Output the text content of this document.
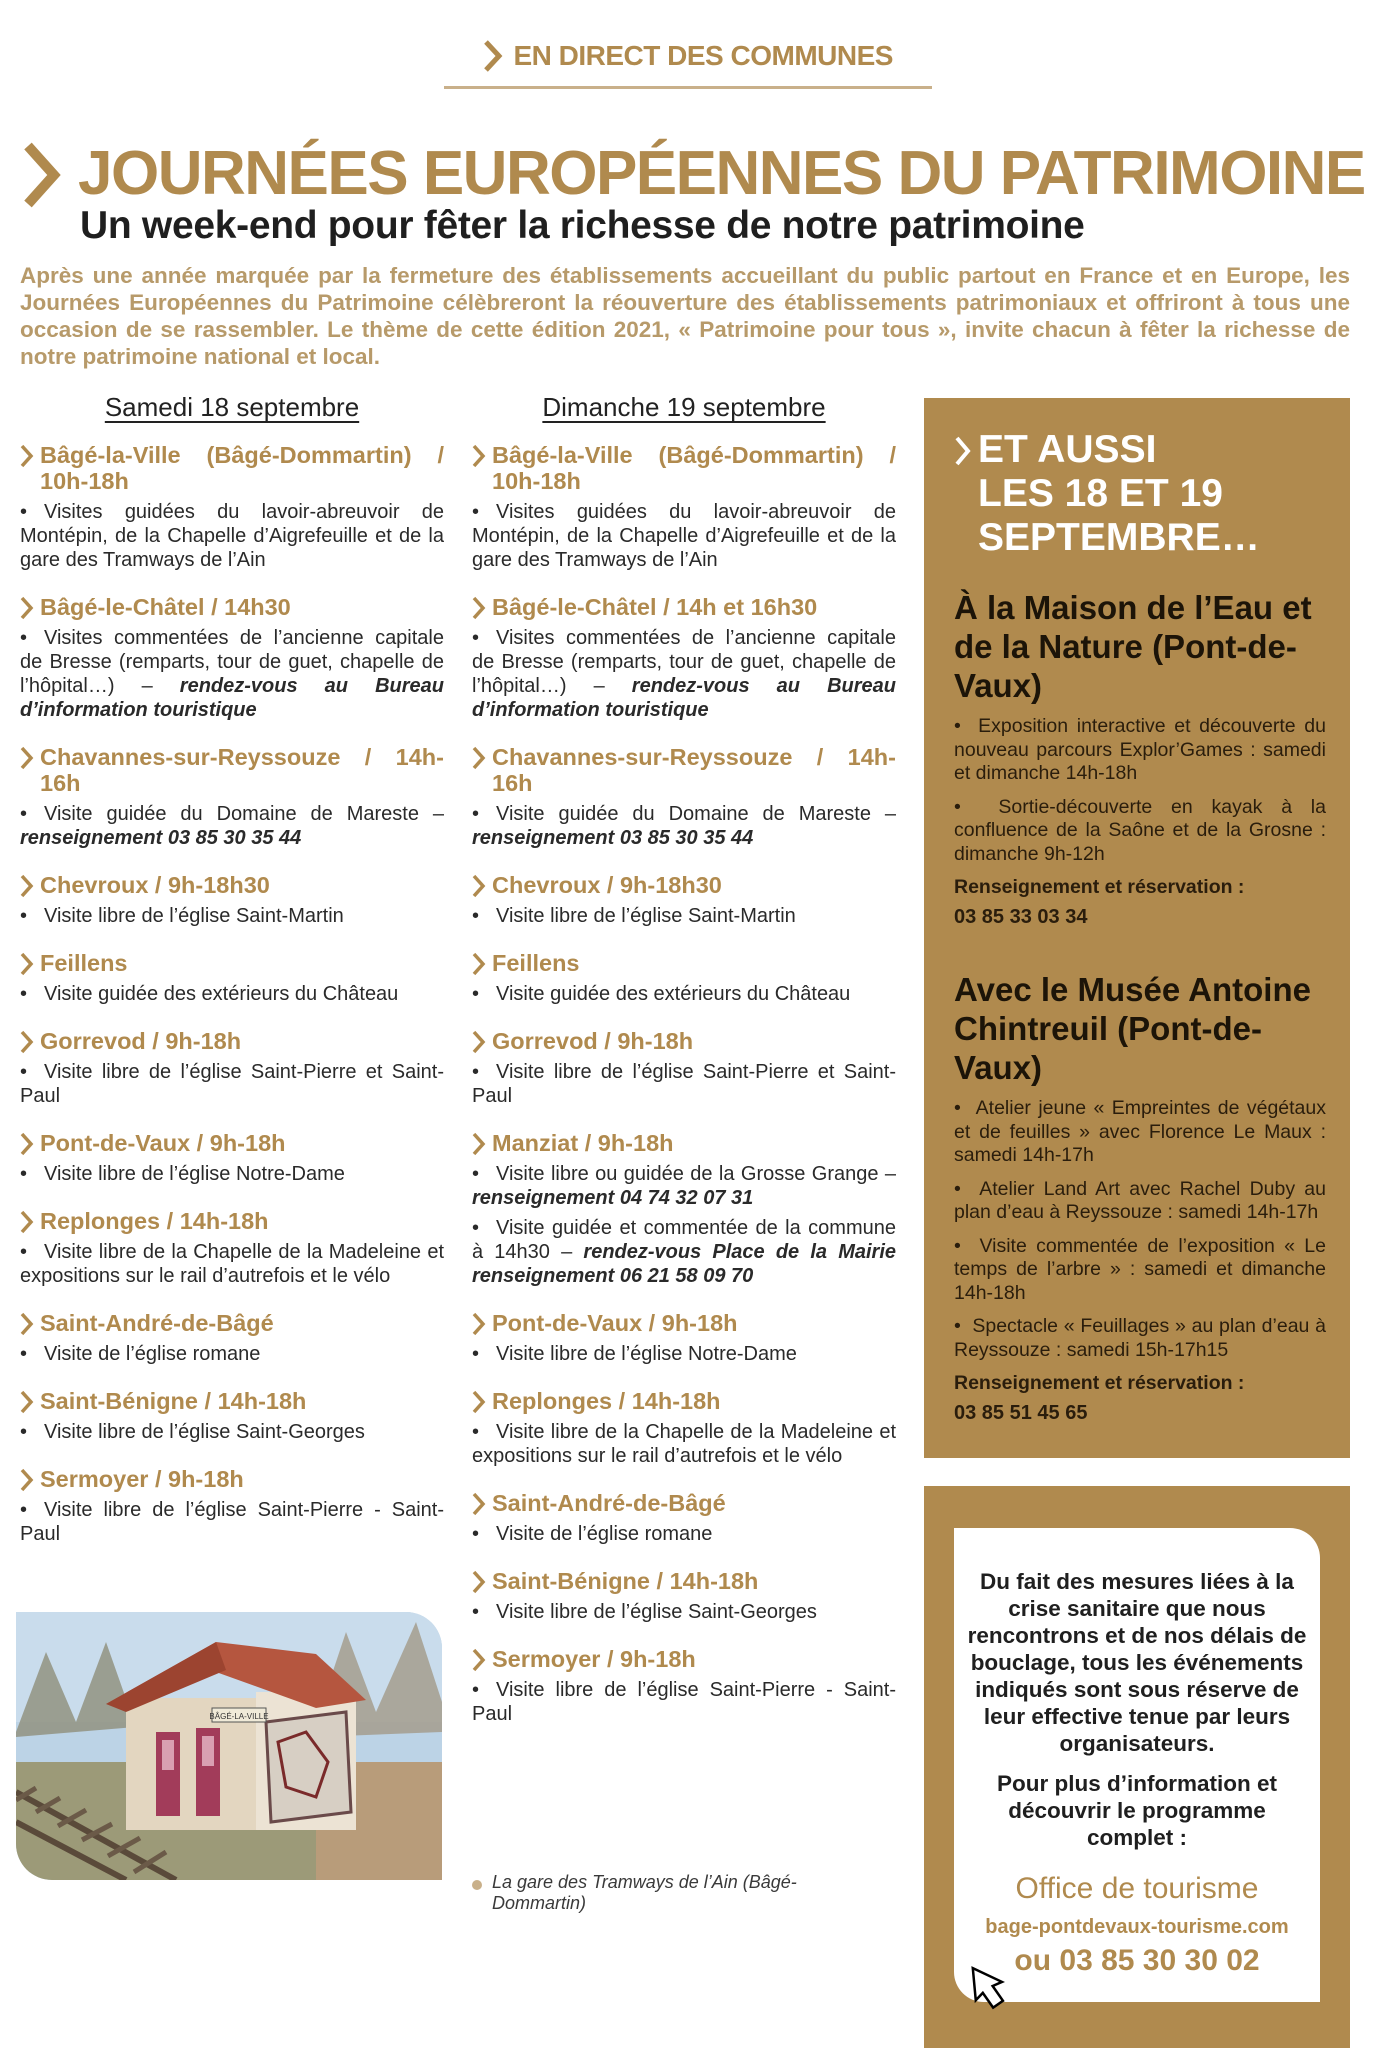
EN DIRECT DES COMMUNES
JOURNÉES EUROPÉENNES DU PATRIMOINE

Un week-end pour fêter la richesse de notre patrimoine

Après une année marquée par la fermeture des établissements accueillant du public partout en France et en Europe, les Journées Européennes du Patrimoine célèbreront la réouverture des établissements patrimoniaux et offriront à tous une occasion de se rassembler. Le thème de cette édition 2021, « Patrimoine pour tous », invite chacun à fêter la richesse de notre patrimoine national et local.

Samedi 18 septembre
Bâgé-la-Ville (Bâgé-Dommartin) / 10h-18h

• Visites guidées du lavoir-abreuvoir de Montépin, de la Chapelle d’Aigrefeuille et de la gare des Tramways de l’Ain

Bâgé-le-Châtel / 14h30

• Visites commentées de l’ancienne capitale de Bresse (remparts, tour de guet, chapelle de l’hôpital…) – rendez-vous au Bureau d’information touristique

Chavannes-sur-Reyssouze / 14h-16h

• Visite guidée du Domaine de Mareste – renseignement 03 85 30 35 44

Chevroux / 9h-18h30

• Visite libre de l’église Saint-Martin

Feillens

• Visite guidée des extérieurs du Château

Gorrevod / 9h-18h

• Visite libre de l’église Saint-Pierre et Saint-Paul

Pont-de-Vaux / 9h-18h

• Visite libre de l’église Notre-Dame

Replonges / 14h-18h

• Visite libre de la Chapelle de la Madeleine et expositions sur le rail d’autrefois et le vélo

Saint-André-de-Bâgé

• Visite de l’église romane

Saint-Bénigne / 14h-18h

• Visite libre de l’église Saint-Georges

Sermoyer / 9h-18h

• Visite libre de l’église Saint-Pierre - Saint-Paul

Dimanche 19 septembre
Bâgé-la-Ville (Bâgé-Dommartin) / 10h-18h

• Visites guidées du lavoir-abreuvoir de Montépin, de la Chapelle d’Aigrefeuille et de la gare des Tramways de l’Ain

Bâgé-le-Châtel / 14h et 16h30

• Visites commentées de l’ancienne capitale de Bresse (remparts, tour de guet, chapelle de l’hôpital…) – rendez-vous au Bureau d’information touristique

Chavannes-sur-Reyssouze / 14h-16h

• Visite guidée du Domaine de Mareste – renseignement 03 85 30 35 44

Chevroux / 9h-18h30

• Visite libre de l’église Saint-Martin

Feillens

• Visite guidée des extérieurs du Château

Gorrevod / 9h-18h

• Visite libre de l’église Saint-Pierre et Saint-Paul

Manziat / 9h-18h

• Visite libre ou guidée de la Grosse Grange – renseignement 04 74 32 07 31

• Visite guidée et commentée de la commune à 14h30 – rendez-vous Place de la Mairie renseignement 06 21 58 09 70

Pont-de-Vaux / 9h-18h

• Visite libre de l’église Notre-Dame

Replonges / 14h-18h

• Visite libre de la Chapelle de la Madeleine et expositions sur le rail d’autrefois et le vélo

Saint-André-de-Bâgé

• Visite de l’église romane

Saint-Bénigne / 14h-18h

• Visite libre de l’église Saint-Georges

Sermoyer / 9h-18h

• Visite libre de l’église Saint-Pierre - Saint-Paul

BÂGÉ-LA-VILLE
La gare des Tramways de l’Ain (Bâgé-Dommartin)
ET AUSSI
LES 18 ET 19
SEPTEMBRE…
À la Maison de l’Eau et de la Nature (Pont-de-Vaux)

•  Exposition interactive et découverte du nouveau parcours Explor’Games : samedi et dimanche 14h-18h

•  Sortie-découverte en kayak à la confluence de la Saône et de la Grosne : dimanche 9h-12h

Renseignement et réservation :

03 85 33 03 34

Avec le Musée Antoine Chintreuil (Pont-de-Vaux)

•  Atelier jeune « Empreintes de végétaux et de feuilles » avec Florence Le Maux : samedi 14h-17h

•  Atelier Land Art avec Rachel Duby au plan d’eau à Reyssouze : samedi 14h-17h

•  Visite commentée de l’exposition « Le temps de l’arbre » : samedi et dimanche 14h-18h

•  Spectacle « Feuillages » au plan d’eau à Reyssouze : samedi 15h-17h15

Renseignement et réservation :

03 85 51 45 65

Du fait des mesures liées à la crise sanitaire que nous rencontrons et de nos délais de bouclage, tous les événements indiqués sont sous réserve de leur effective tenue par leurs organisateurs.

Pour plus d’information et découvrir le programme complet :

Office de tourisme

bage-pontdevaux-tourisme.com

ou 03 85 30 30 02
